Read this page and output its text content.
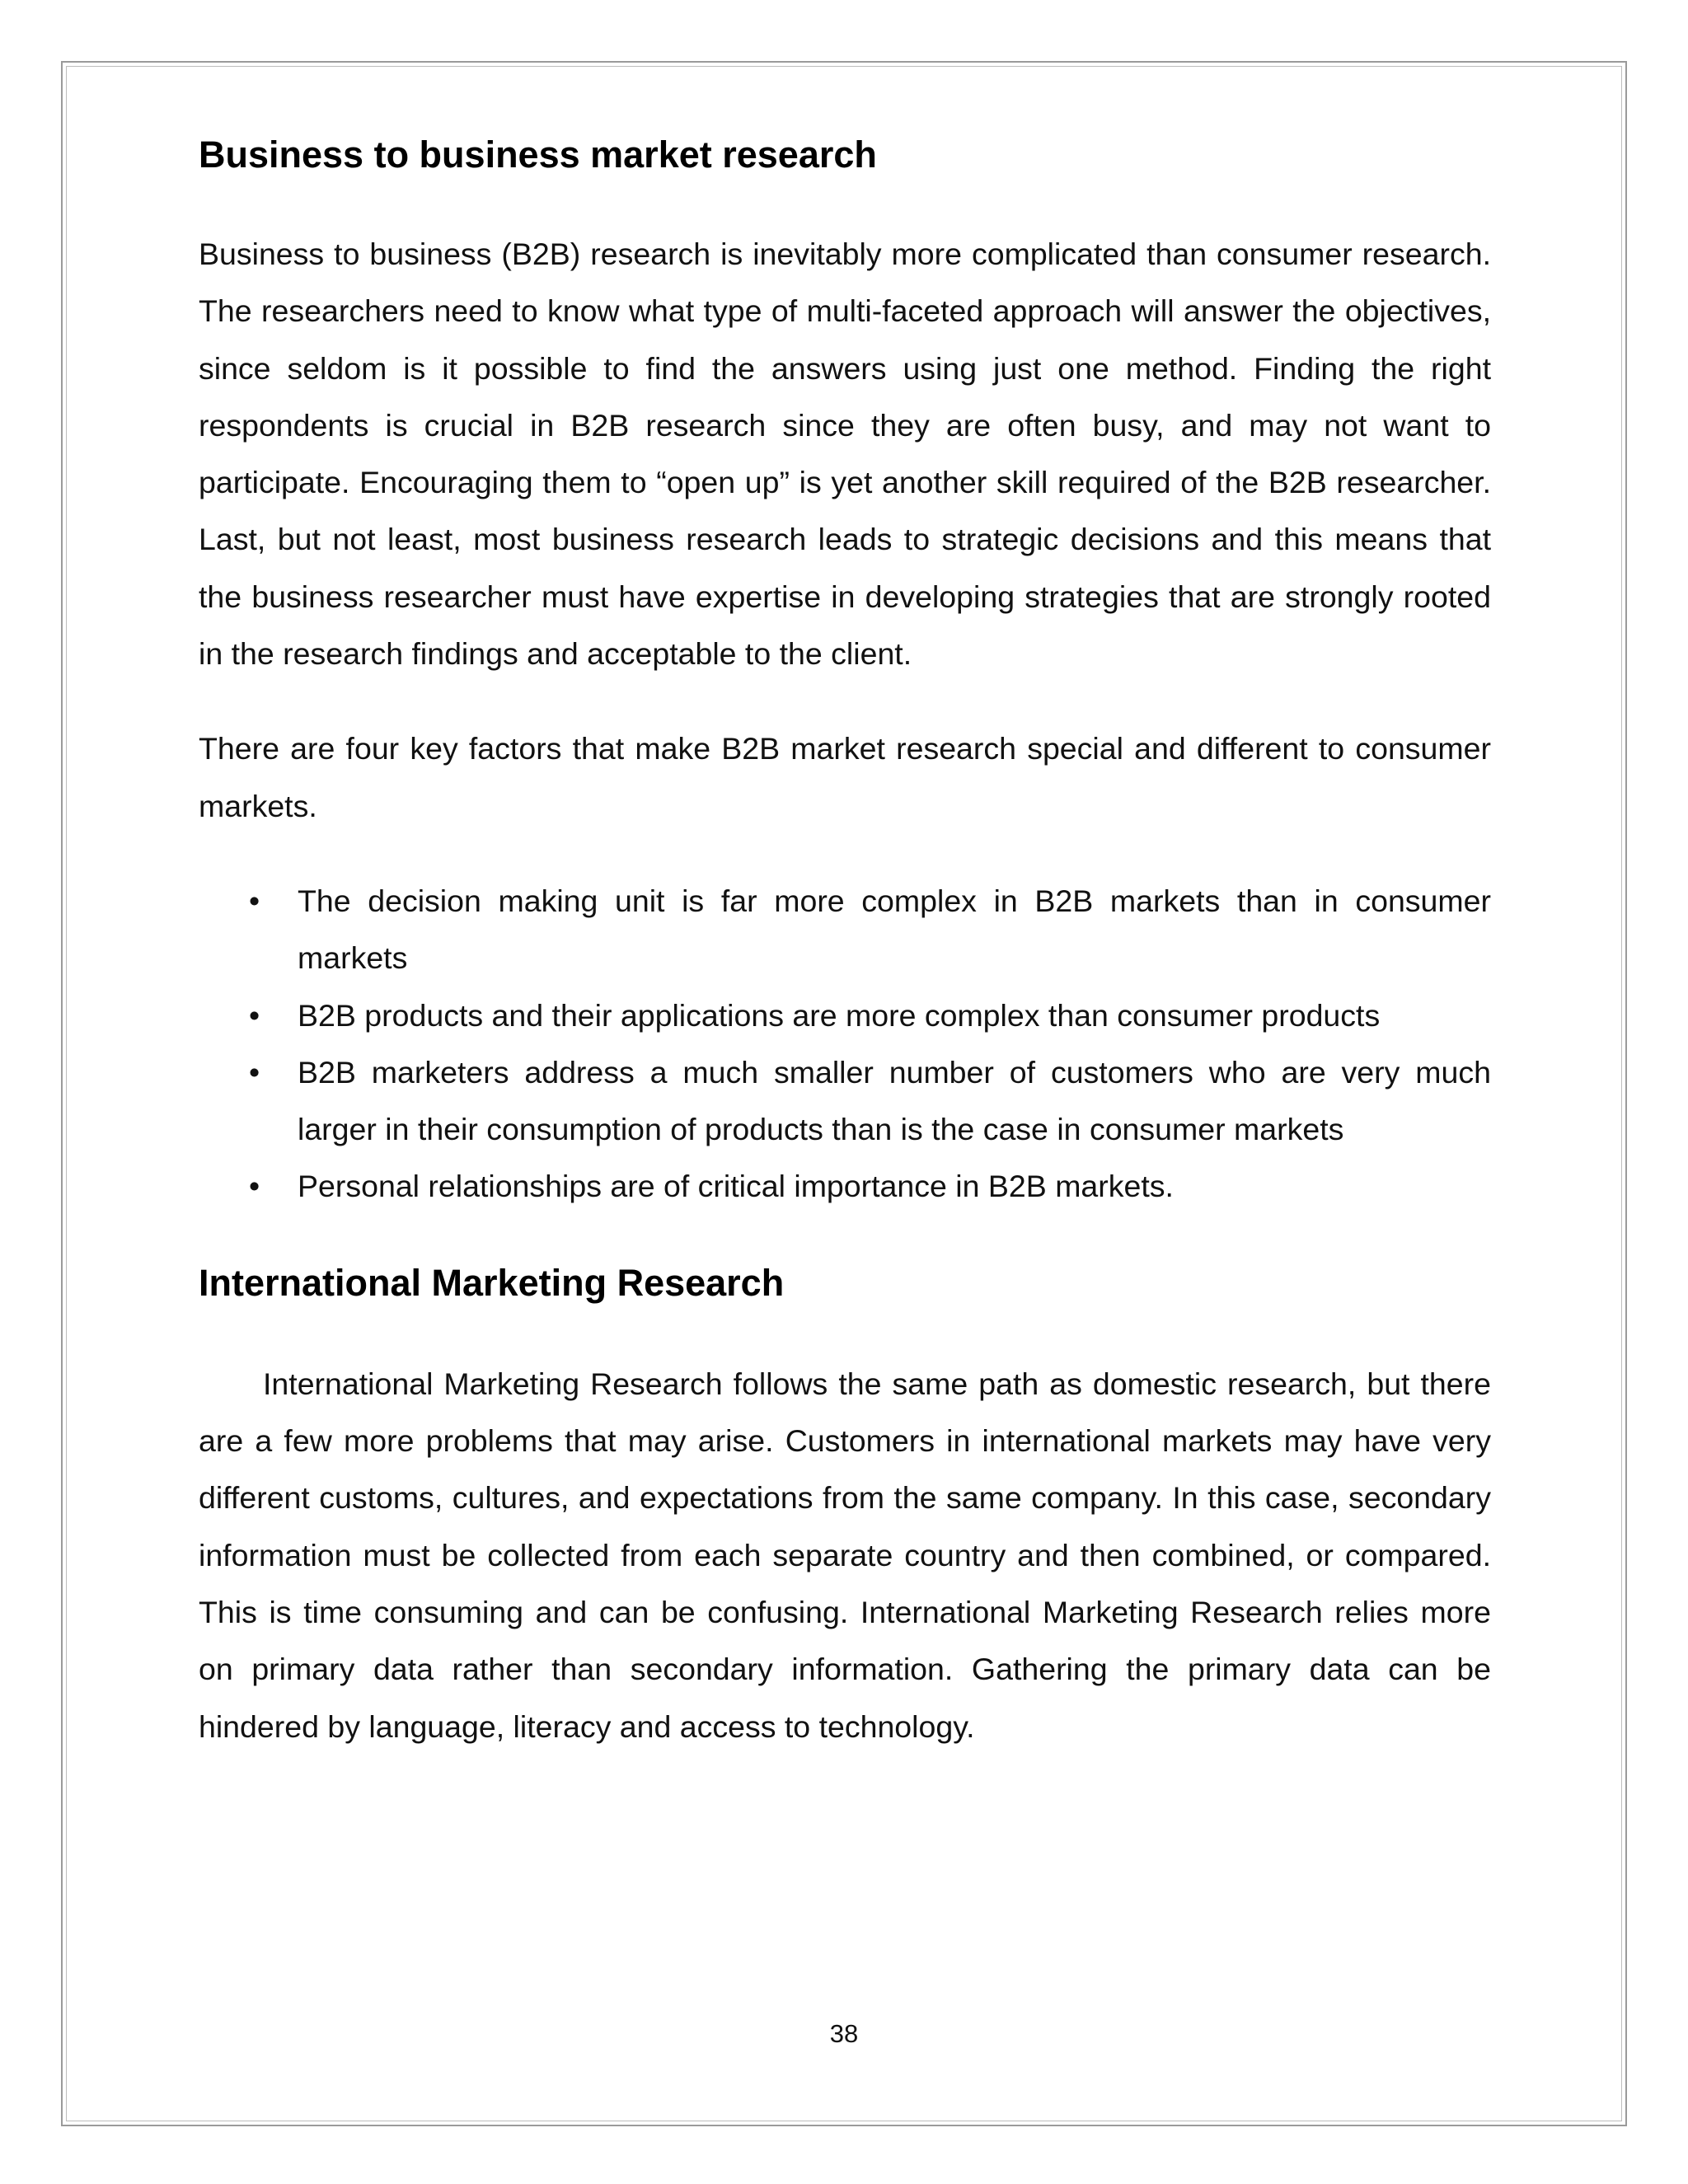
Business to business market research

Business to business (B2B) research is inevitably more complicated than consumer research. The researchers need to know what type of multi-faceted approach will answer the objectives, since seldom is it possible to find the answers using just one method. Finding the right respondents is crucial in B2B research since they are often busy, and may not want to participate. Encouraging them to “open up” is yet another skill required of the B2B researcher. Last, but not least, most business research leads to strategic decisions and this means that the business researcher must have expertise in developing strategies that are strongly rooted in the research findings and acceptable to the client.

There are four key factors that make B2B market research special and different to consumer markets.

• The decision making unit is far more complex in B2B markets than in consumer markets
• B2B products and their applications are more complex than consumer products
• B2B marketers address a much smaller number of customers who are very much larger in their consumption of products than is the case in consumer markets
• Personal relationships are of critical importance in B2B markets.
International Marketing Research

International Marketing Research follows the same path as domestic research, but there are a few more problems that may arise. Customers in international markets may have very different customs, cultures, and expectations from the same company. In this case, secondary information must be collected from each separate country and then combined, or compared. This is time consuming and can be confusing. International Marketing Research relies more on primary data rather than secondary information. Gathering the primary data can be hindered by language, literacy and access to technology.

38
